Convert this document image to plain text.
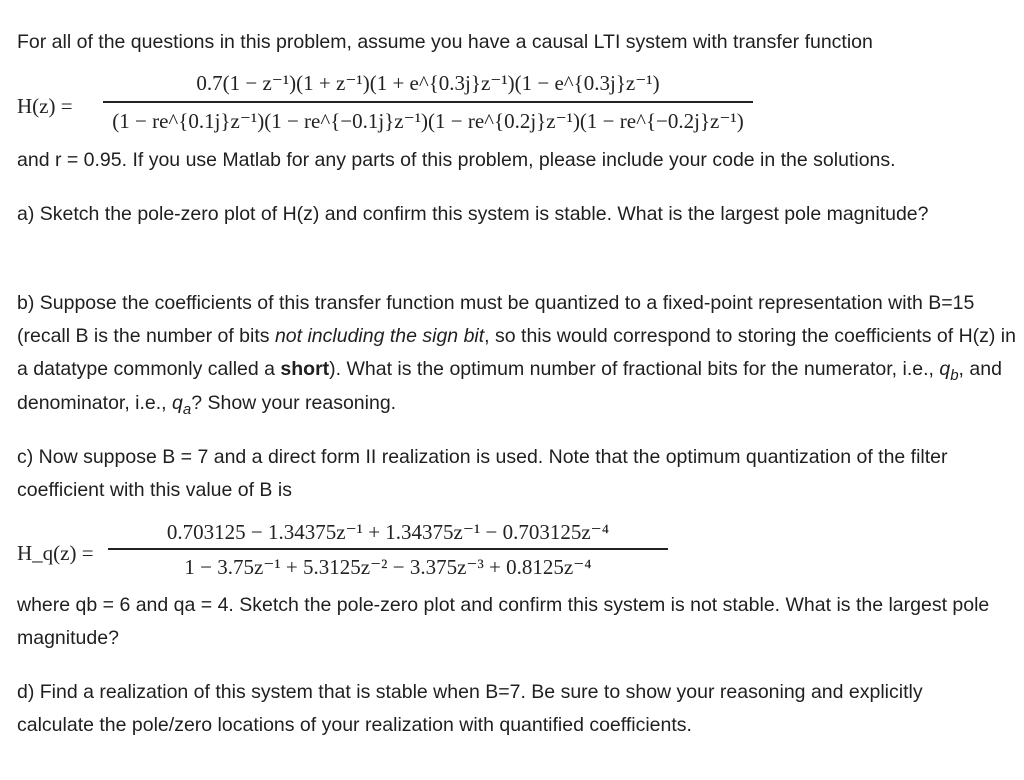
For all of the questions in this problem, assume you have a causal LTI system with transfer function

H(z) =
0.7(1 − z⁻¹)(1 + z⁻¹)(1 + e^{0.3j}z⁻¹)(1 − e^{0.3j}z⁻¹)
(1 − re^{0.1j}z⁻¹)(1 − re^{−0.1j}z⁻¹)(1 − re^{0.2j}z⁻¹)(1 − re^{−0.2j}z⁻¹)

and r = 0.95. If you use Matlab for any parts of this problem, please include your code in the solutions.

a) Sketch the pole-zero plot of H(z) and confirm this system is stable. What is the largest pole magnitude?

b) Suppose the coefficients of this transfer function must be quantized to a fixed-point representation with B=15 (recall B is the number of bits not including the sign bit, so this would correspond to storing the coefficients of H(z) in a datatype commonly called a short). What is the optimum number of fractional bits for the numerator, i.e., $q_b$, and denominator, i.e., $q_a$? Show your reasoning.

c) Now suppose B = 7 and a direct form II realization is used. Note that the optimum quantization of the filter coefficient with this value of B is

H_q(z) =
0.703125 − 1.34375z⁻¹ + 1.34375z⁻¹ − 0.703125z⁻⁴
1 − 3.75z⁻¹ + 5.3125z⁻² − 3.375z⁻³ + 0.8125z⁻⁴

where qb = 6 and qa = 4. Sketch the pole-zero plot and confirm this system is not stable. What is the largest pole magnitude?

d) Find a realization of this system that is stable when B=7. Be sure to show your reasoning and explicitly calculate the pole/zero locations of your realization with quantified coefficients.
